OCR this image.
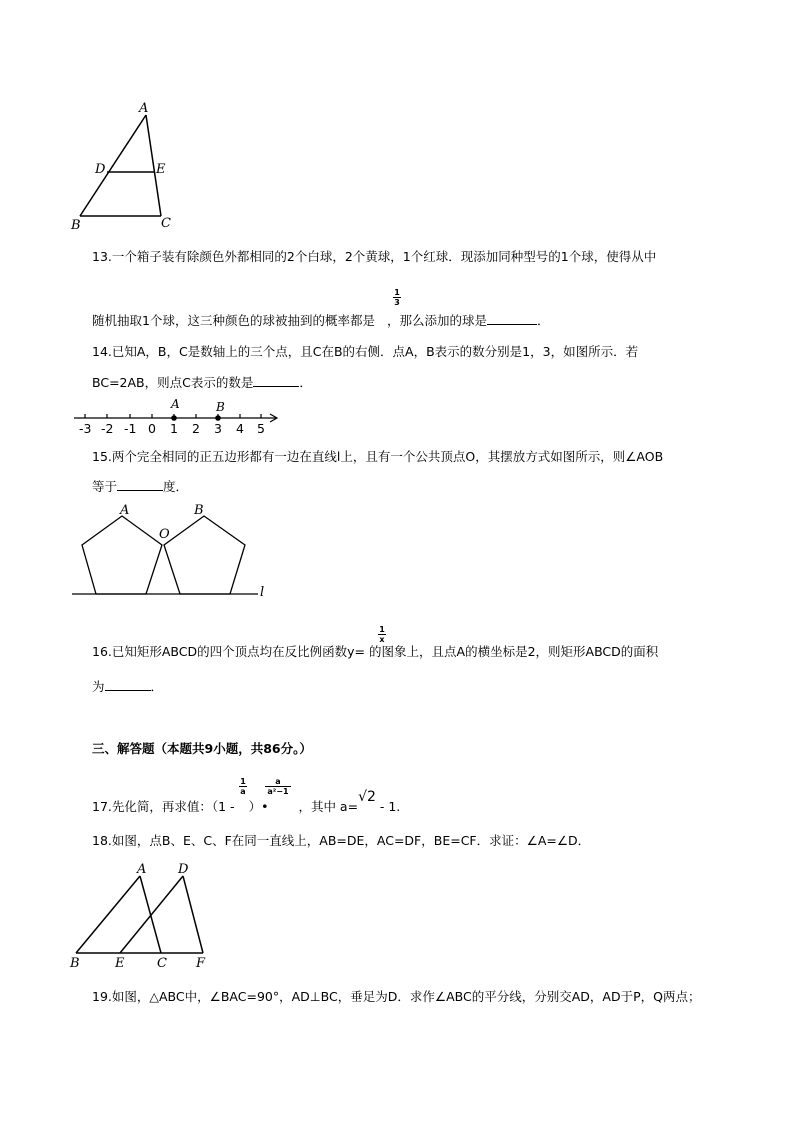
A
D	E
B	C
13.一个箱子装有除颜色外都相同的2个白球，2个黄球，1个红球．现添加同种型号的1个球，使得从中
1
3
随机抽取1个球，这三种颜色的球被抽到的概率都是 ，那么添加的球是	．
14.已知A，B，C是数轴上的三个点，且C在B的右侧．点A，B表示的数分别是1，3，如图所示．若
BC=2AB，则点C表示的数是	．
A	B
-3 -2 -1 0 1 2 3 4 5
15.两个完全相同的正五边形都有一边在直线l上，且有一个公共顶点O，其摆放方式如图所示，则∠AOB
等于	度．
A	B
O
l
1
x
16.已知矩形ABCD的四个顶点均在反比例函数y= 的图象上，且点A的横坐标是2，则矩形ABCD的面积
为	．
三、解答题（本题共9小题，共86分。）
1
a
a
a²−1
17.先化简，再求值：（1 - ）• ，其中 a=√2 - 1.
18.如图，点B、E、C、F在同一直线上，AB=DE，AC=DF，BE=CF．求证：∠A=∠D．
A D
B	E	C F
19.如图，△ABC中，∠BAC=90°，AD⊥BC，垂足为D．求作∠ABC的平分线，分别交AD，AD于P，Q两点；
